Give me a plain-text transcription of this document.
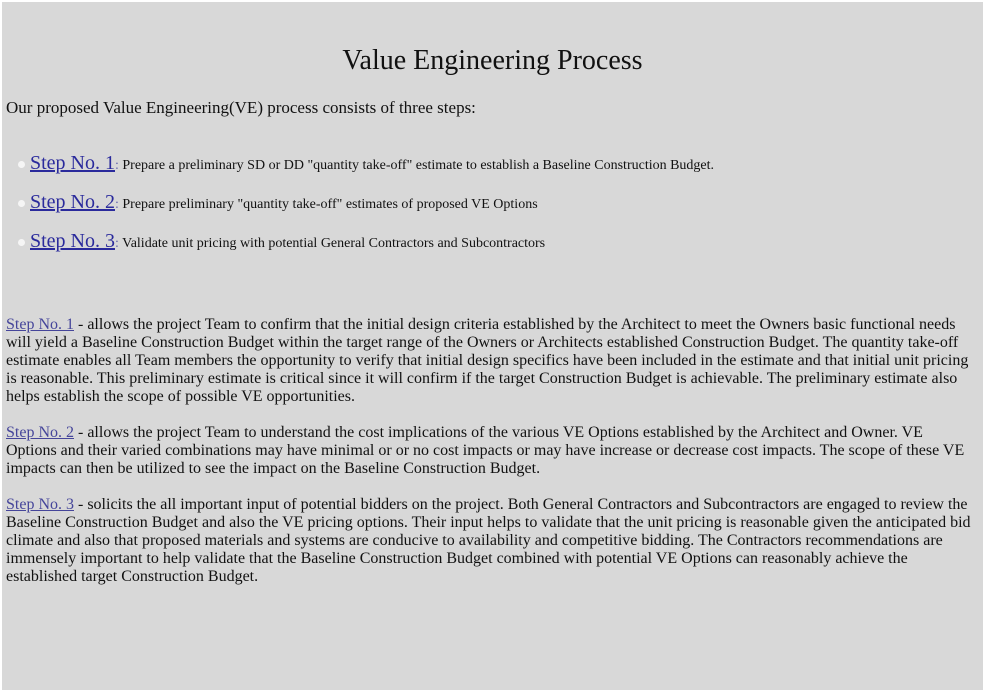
Value Engineering Process

Our proposed Value Engineering(VE) process consists of three steps:

Step No. 1: Prepare a preliminary SD or DD "quantity take-off" estimate to establish a Baseline Construction Budget.
Step No. 2: Prepare preliminary "quantity take-off" estimates of proposed VE Options
Step No. 3: Validate unit pricing with potential General Contractors and Subcontractors

Step No. 1 - allows the project Team to confirm that the initial design criteria established by the Architect to meet the Owners basic functional needs will yield a Baseline Construction Budget within the target range of the Owners or Architects established Construction Budget. The quantity take-off estimate enables all Team members the opportunity to verify that initial design specifics have been included in the estimate and that initial unit pricing is reasonable. This preliminary estimate is critical since it will confirm if the target Construction Budget is achievable. The preliminary estimate also helps establish the scope of possible VE opportunities.

Step No. 2 - allows the project Team to understand the cost implications of the various VE Options established by the Architect and Owner. VE Options and their varied combinations may have minimal or or no cost impacts or may have increase or decrease cost impacts. The scope of these VE impacts can then be utilized to see the impact on the Baseline Construction Budget.

Step No. 3 - solicits the all important input of potential bidders on the project. Both General Contractors and Subcontractors are engaged to review the Baseline Construction Budget and also the VE pricing options. Their input helps to validate that the unit pricing is reasonable given the anticipated bid climate and also that proposed materials and systems are conducive to availability and competitive bidding. The Contractors recommendations are immensely important to help validate that the Baseline Construction Budget combined with potential VE Options can reasonably achieve the established target Construction Budget.
